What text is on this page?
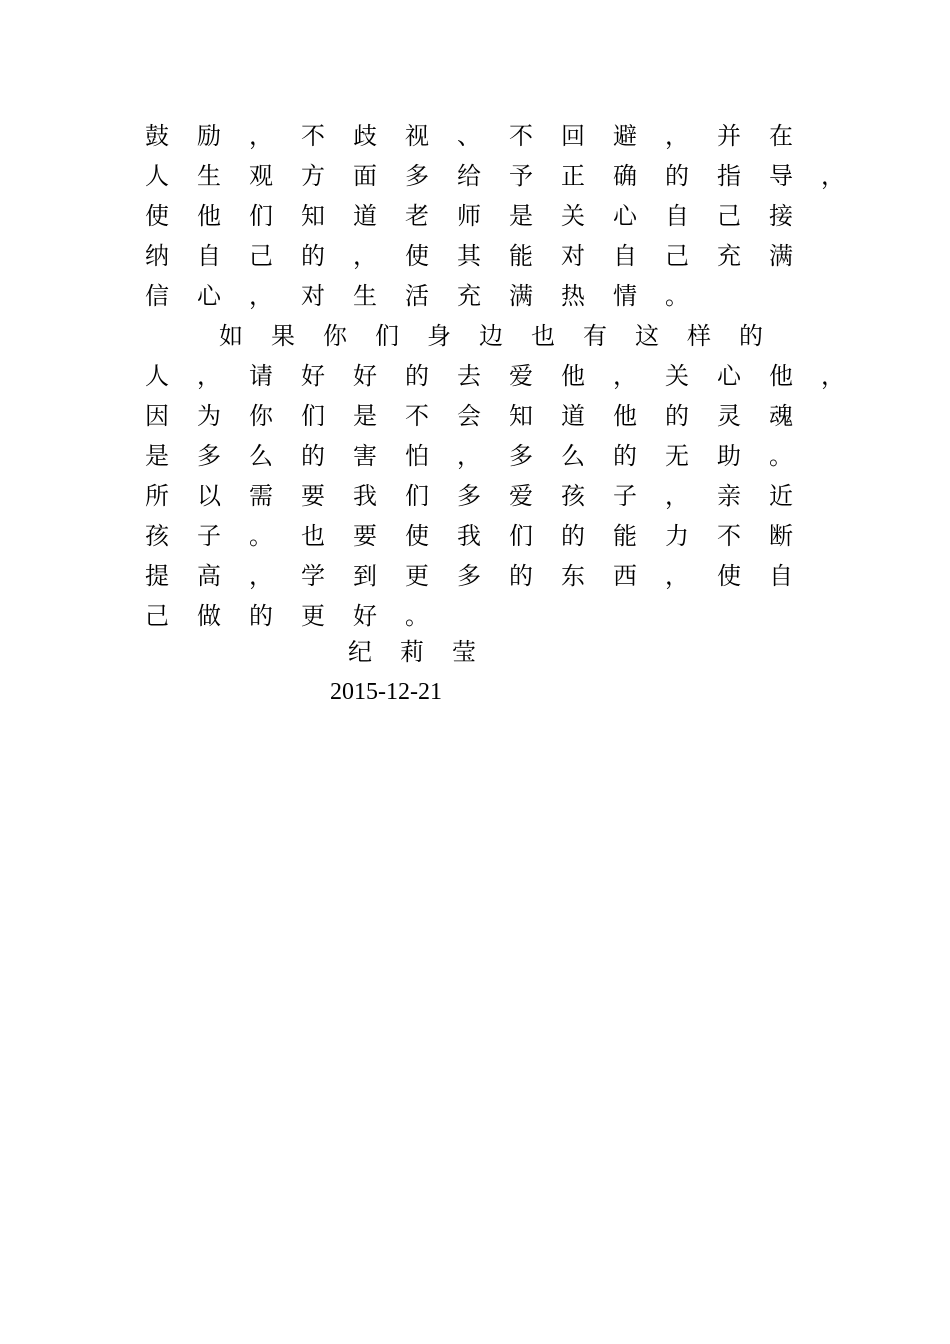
鼓励，不歧视、不回避，并在
人生观方面多给予正确的指导，
使他们知道老师是关心自己接
纳自己的，使其能对自己充满
信心，对生活充满热情。
如果你们身边也有这样的
人，请好好的去爱他，关心他，
因为你们是不会知道他的灵魂
是多么的害怕，多么的无助。
所以需要我们多爱孩子，亲近
孩子。也要使我们的能力不断
提高，学到更多的东西，使自
己做的更好。
纪莉莹
2015-12-21
